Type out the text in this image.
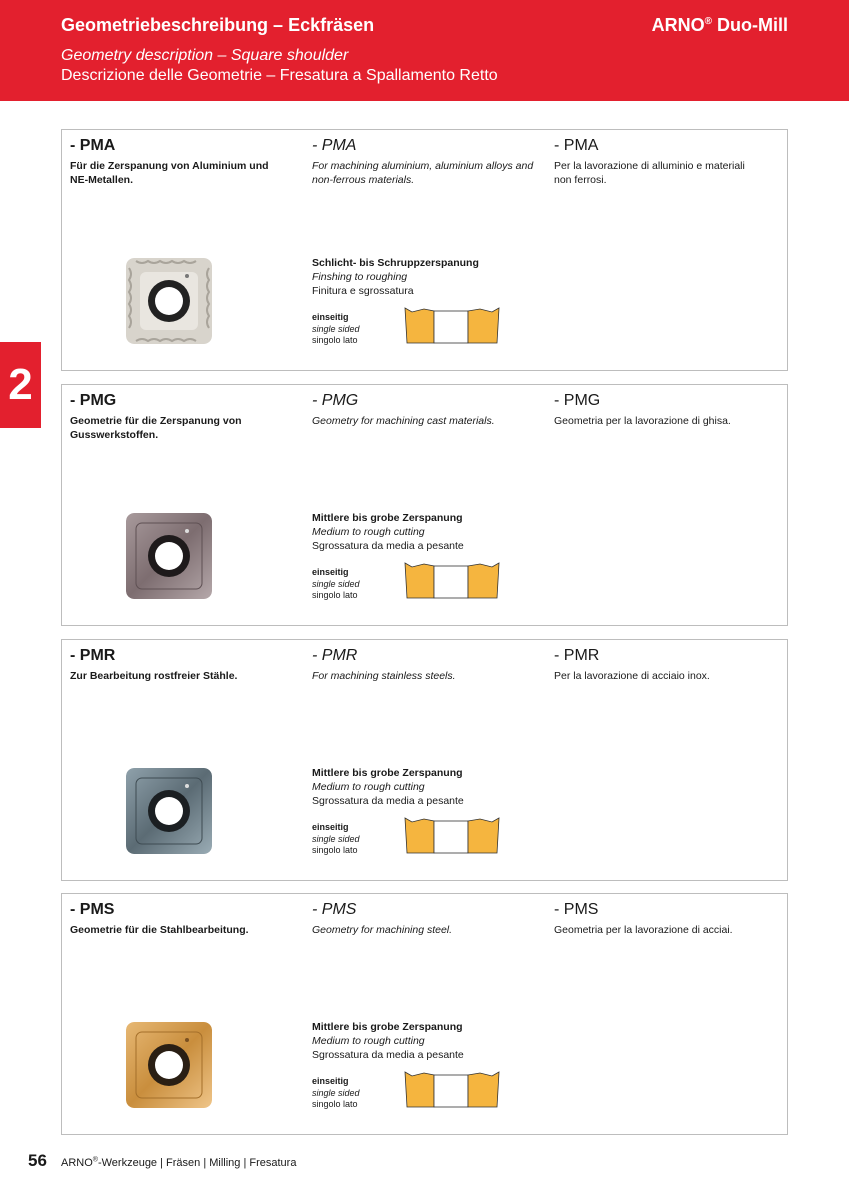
Geometriebeschreibung – Eckfräsen
Geometry description – Square shoulder
Descrizione delle Geometrie – Fresatura a Spallamento Retto
ARNO® Duo-Mill
2
- PMA	- PMA	- PMA
Für die Zerspanung von Aluminium und NE-Metallen.
For machining aluminium, aluminium alloys and non-ferrous materials.
Per la lavorazione di alluminio e materiali non ferrosi.
Schlicht- bis Schruppzerspanung
Finshing to roughing
Finitura e sgrossatura
einseitig
single sided
singolo lato
- PMG	- PMG	- PMG
Geometrie für die Zerspanung von Gusswerkstoffen.
Geometry for machining cast materials.	Geometria per la lavorazione di ghisa.
Mittlere bis grobe Zerspanung
Medium to rough cutting
Sgrossatura da media a pesante
einseitig
single sided
singolo lato
- PMR	- PMR	- PMR
Zur Bearbeitung rostfreier Stähle.	For machining stainless steels.	Per la lavorazione di acciaio inox.
Mittlere bis grobe Zerspanung
Medium to rough cutting
Sgrossatura da media a pesante
einseitig
single sided
singolo lato
- PMS	- PMS	- PMS
Geometrie für die Stahlbearbeitung.	Geometry for machining steel.	Geometria per la lavorazione di acciai.
Mittlere bis grobe Zerspanung
Medium to rough cutting
Sgrossatura da media a pesante
einseitig
single sided
singolo lato
56 ARNO®-Werkzeuge | Fräsen | Milling | Fresatura
